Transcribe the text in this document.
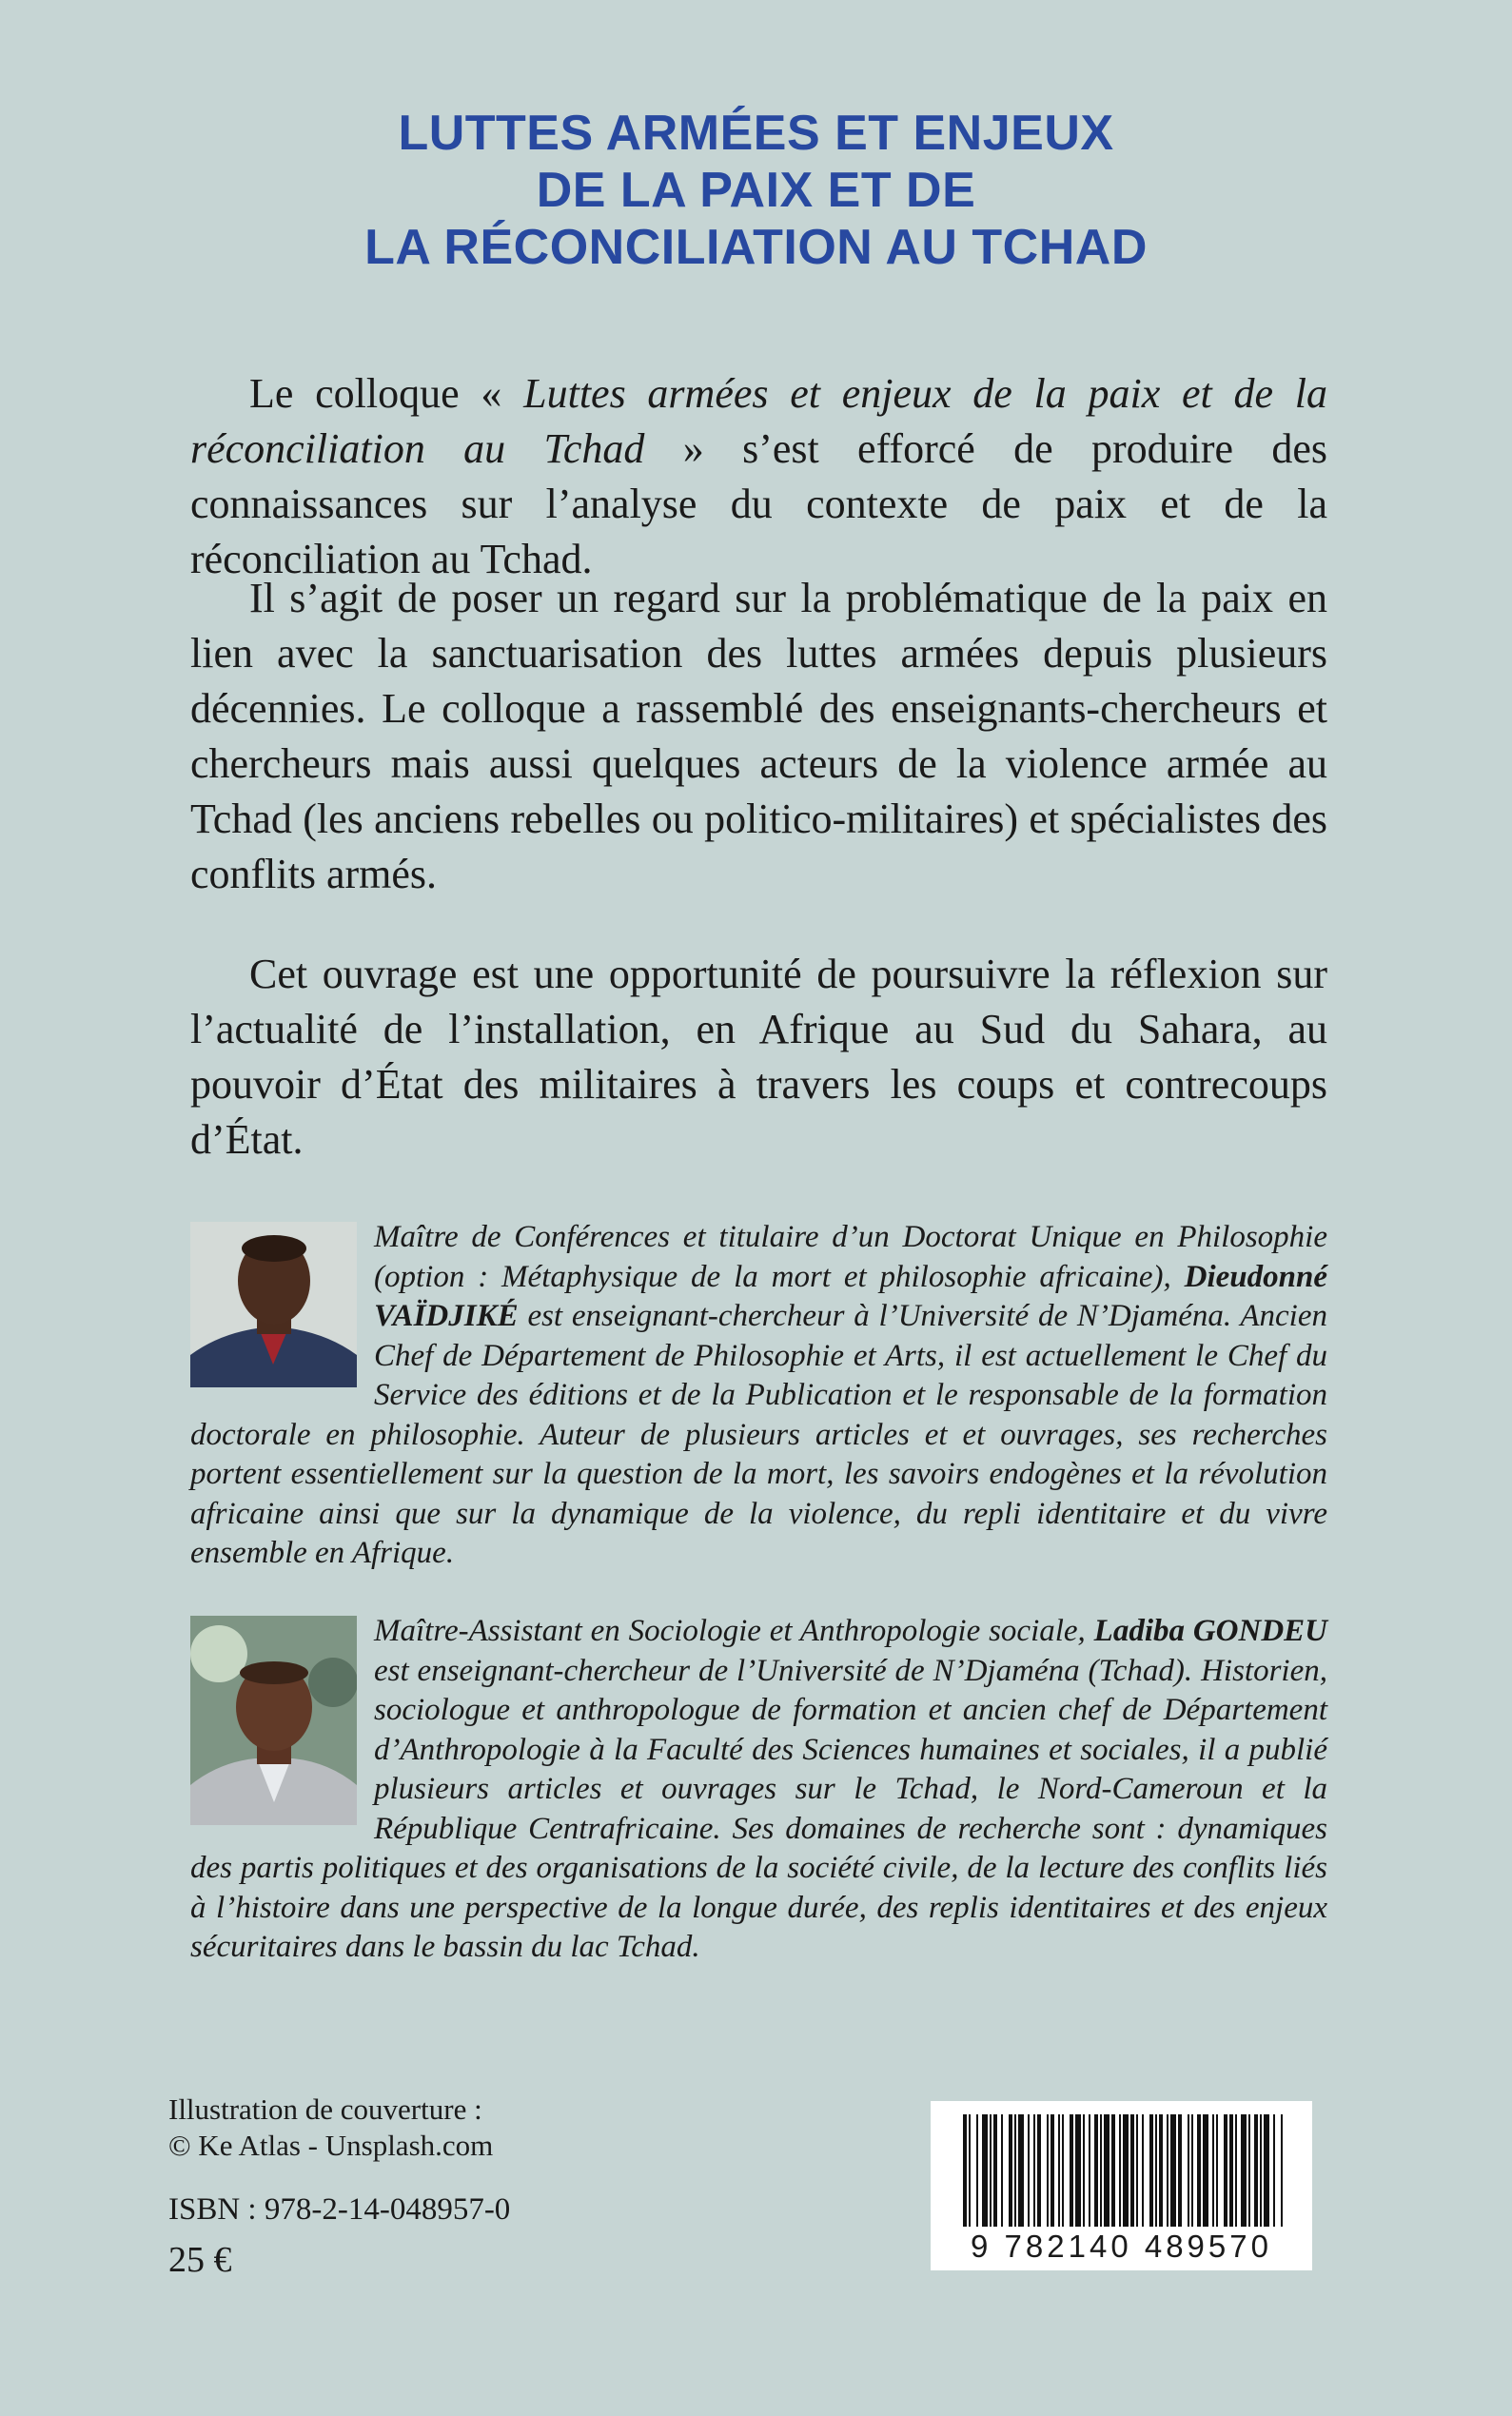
LUTTES ARMÉES ET ENJEUX
DE LA PAIX ET DE
LA RÉCONCILIATION AU TCHAD

Le colloque « Luttes armées et enjeux de la paix et de la réconciliation au Tchad » s’est efforcé de produire des connaissances sur l’analyse du contexte de paix et de la réconciliation au Tchad.

Il s’agit de poser un regard sur la problématique de la paix en lien avec la sanctuarisation des luttes armées depuis plusieurs décennies. Le colloque a rassemblé des enseignants-chercheurs et chercheurs mais aussi quelques acteurs de la violence armée au Tchad (les anciens rebelles ou politico-militaires) et spécialistes des conflits armés.

Cet ouvrage est une opportunité de poursuivre la réflexion sur l’actualité de l’installation, en Afrique au Sud du Sahara, au pouvoir d’État des militaires à travers les coups et contrecoups d’État.

Maître de Conférences et titulaire d’un Doctorat Unique en Philosophie (option : Métaphysique de la mort et philosophie africaine), Dieudonné VAÏDJIKÉ est enseignant-chercheur à l’Université de N’Djaména. Ancien Chef de Département de Philosophie et Arts, il est actuellement le Chef du Service des éditions et de la Publication et le responsable de la formation doctorale en philosophie. Auteur de plusieurs articles et et ouvrages, ses recherches portent essentiellement sur la question de la mort, les savoirs endogènes et la révolution africaine ainsi que sur la dynamique de la violence, du repli identitaire et du vivre ensemble en Afrique.
Maître-Assistant en Sociologie et Anthropologie sociale, Ladiba GONDEU est enseignant-chercheur de l’Université de N’Djaména (Tchad). Historien, sociologue et anthropologue de formation et ancien chef de Département d’Anthropologie à la Faculté des Sciences humaines et sociales, il a publié plusieurs articles et ouvrages sur le Tchad, le Nord-Cameroun et la République Centrafricaine. Ses domaines de recherche sont : dynamiques des partis politiques et des organisations de la société civile, de la lecture des conflits liés à l’histoire dans une perspective de la longue durée, des replis identitaires et des enjeux sécuritaires dans le bassin du lac Tchad.
Illustration de couverture :
© Ke Atlas - Unsplash.com
ISBN : 978-2-14-048957-0
25 €	9 782140 489570
